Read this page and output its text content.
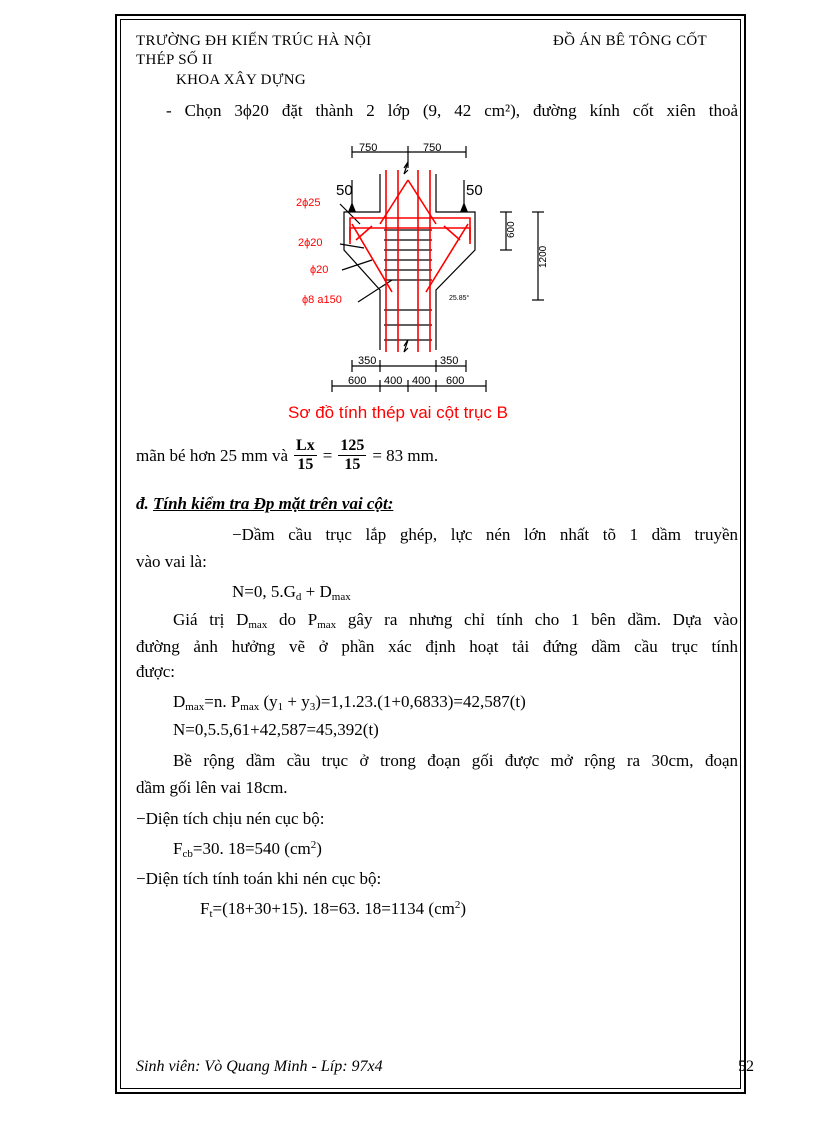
TRƯỜNG ĐH KIẾN TRÚC HÀ NỘI	ĐỒ ÁN BÊ TÔNG CỐT
THÉP SỐ II
KHOA XÂY DỰNG
- Chọn 3ϕ20 đặt thành 2 lớp (9, 42 cm²), đường kính cốt xiên thoả
750	750
50	50
25.85°
600
1200
350	350
600 400 400 600
2ϕ25
2ϕ20
ϕ20
ϕ8 a150
Sơ đồ tính thép vai cột trục B
mãn bé hơn 25 mm và $\frac{Lx}{15} = \frac{125}{15} = 83$ mm.
đ. Tính kiểm tra Đp mặt trên vai cột:
−Dầm cầu trục lắp ghép, lực nén lớn nhất tõ 1 dầm truyền
vào vai là:
N=0, $5.G_d + D_{max}$
Giá trị $D_{max}$ do $P_{max}$ gây ra nhưng chỉ tính cho 1 bên dầm. Dựa vào
đường ảnh hưởng vẽ ở phần xác định hoạt tải đứng dầm cầu trục tính
được:
$D_{max}=n$. $P_{max}$ $(y_1 + y_3)=1,1.23.(1+0,6833)=42,587(t)$
N=0,5.5,61+42,587=45,392(t)
Bề rộng dầm cầu trục ở trong đoạn gối được mở rộng ra 30cm, đoạn
dầm gối lên vai 18cm.
−Diện tích chịu nén cục bộ:
$F_{cb}=30$. 18=540 $(cm^2)$
−Diện tích tính toán khi nén cục bộ:
$F_t=(18+30+15)$. 18=63. 18=1134 $(cm^2)$
Sinh viên: Vò Quang Minh - Líp: 97x4	52
